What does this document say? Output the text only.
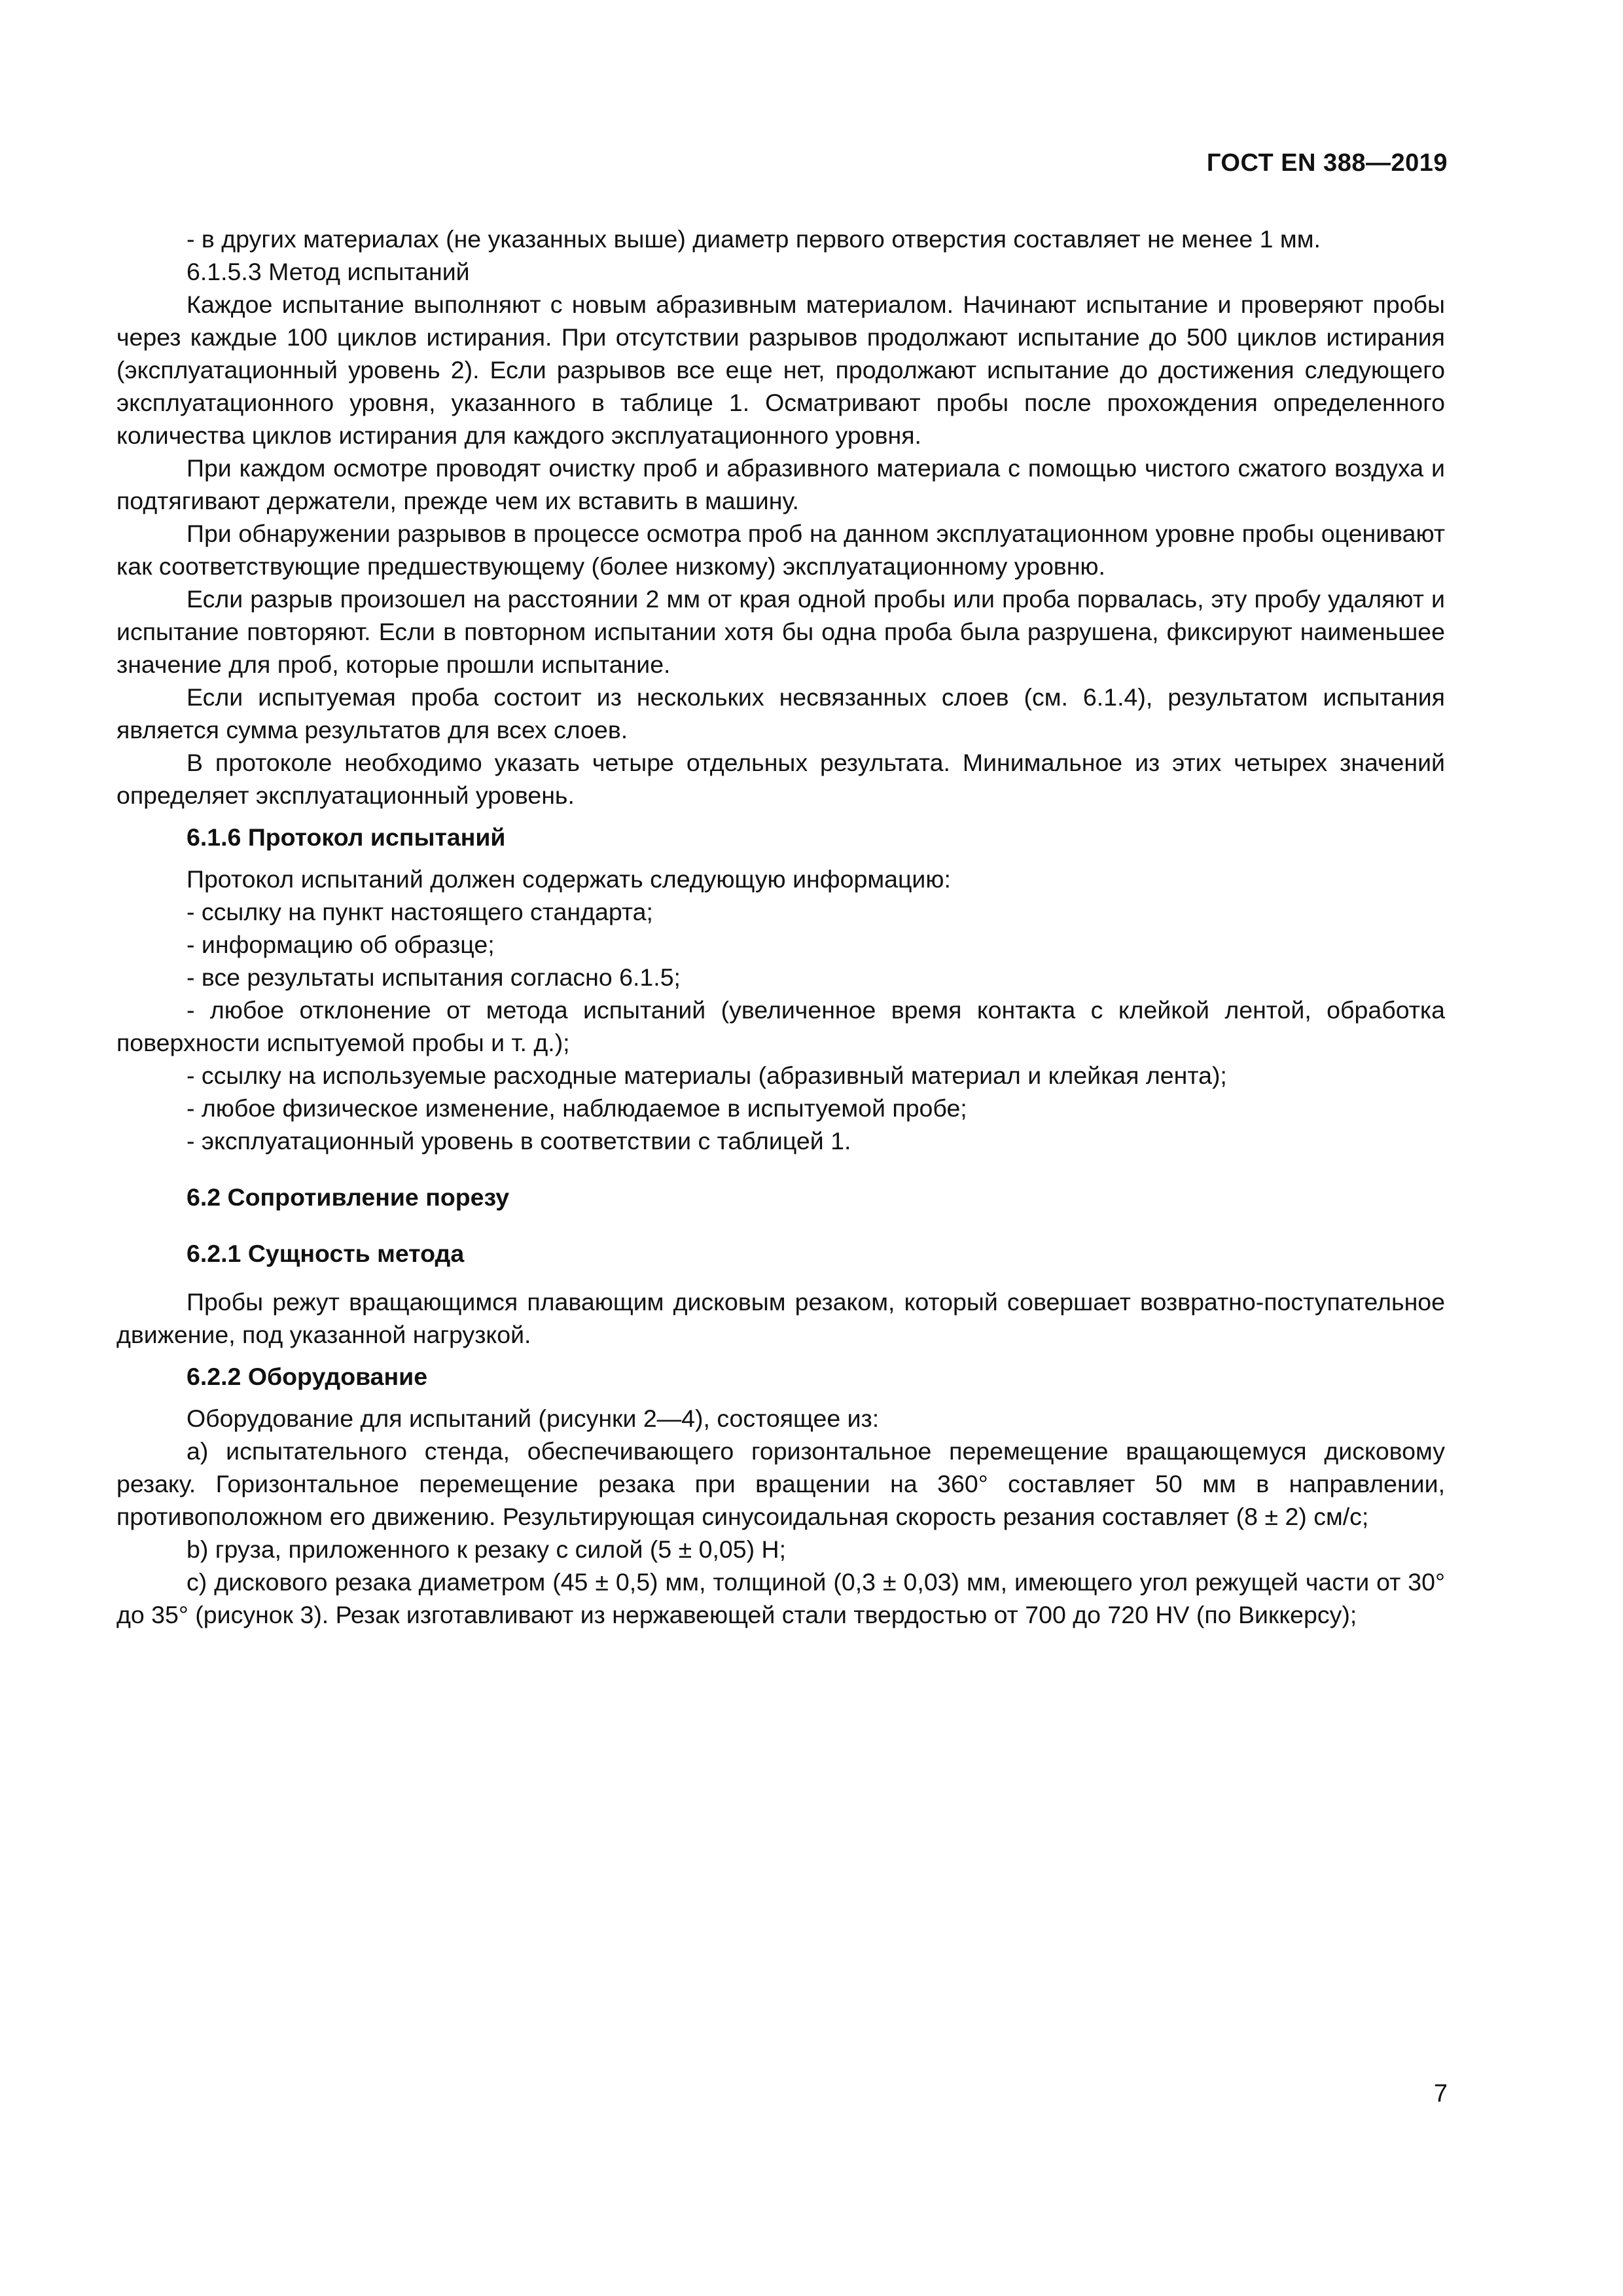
ГОСТ EN 388—2019

- в других материалах (не указанных выше) диаметр первого отверстия составляет не менее 1 мм.

6.1.5.3 Метод испытаний

Каждое испытание выполняют с новым абразивным материалом. Начинают испытание и проверяют пробы через каждые 100 циклов истирания. При отсутствии разрывов продолжают испытание до 500 циклов истирания (эксплуатационный уровень 2). Если разрывов все еще нет, продолжают испытание до достижения следующего эксплуатационного уровня, указанного в таблице 1. Осматривают пробы после прохождения определенного количества циклов истирания для каждого эксплуатационного уровня.

При каждом осмотре проводят очистку проб и абразивного материала с помощью чистого сжатого воздуха и подтягивают держатели, прежде чем их вставить в машину.

При обнаружении разрывов в процессе осмотра проб на данном эксплуатационном уровне пробы оценивают как соответствующие предшествующему (более низкому) эксплуатационному уровню.

Если разрыв произошел на расстоянии 2 мм от края одной пробы или проба порвалась, эту пробу удаляют и испытание повторяют. Если в повторном испытании хотя бы одна проба была разрушена, фиксируют наименьшее значение для проб, которые прошли испытание.

Если испытуемая проба состоит из нескольких несвязанных слоев (см. 6.1.4), результатом испытания является сумма результатов для всех слоев.

В протоколе необходимо указать четыре отдельных результата. Минимальное из этих четырех значений определяет эксплуатационный уровень.

6.1.6 Протокол испытаний

Протокол испытаний должен содержать следующую информацию:

- ссылку на пункт настоящего стандарта;

- информацию об образце;

- все результаты испытания согласно 6.1.5;

- любое отклонение от метода испытаний (увеличенное время контакта с клейкой лентой, обработка поверхности испытуемой пробы и т. д.);

- ссылку на используемые расходные материалы (абразивный материал и клейкая лента);

- любое физическое изменение, наблюдаемое в испытуемой пробе;

- эксплуатационный уровень в соответствии с таблицей 1.

6.2 Сопротивление порезу

6.2.1 Сущность метода

Пробы режут вращающимся плавающим дисковым резаком, который совершает возвратно-поступательное движение, под указанной нагрузкой.

6.2.2 Оборудование

Оборудование для испытаний (рисунки 2—4), состоящее из:

a) испытательного стенда, обеспечивающего горизонтальное перемещение вращающемуся дисковому резаку. Горизонтальное перемещение резака при вращении на 360° составляет 50 мм в направлении, противоположном его движению. Результирующая синусоидальная скорость резания составляет (8 ± 2) см/с;

b) груза, приложенного к резаку с силой (5 ± 0,05) Н;

c) дискового резака диаметром (45 ± 0,5) мм, толщиной (0,3 ± 0,03) мм, имеющего угол режущей части от 30° до 35° (рисунок 3). Резак изготавливают из нержавеющей стали твердостью от 700 до 720 HV (по Виккерсу);

7
